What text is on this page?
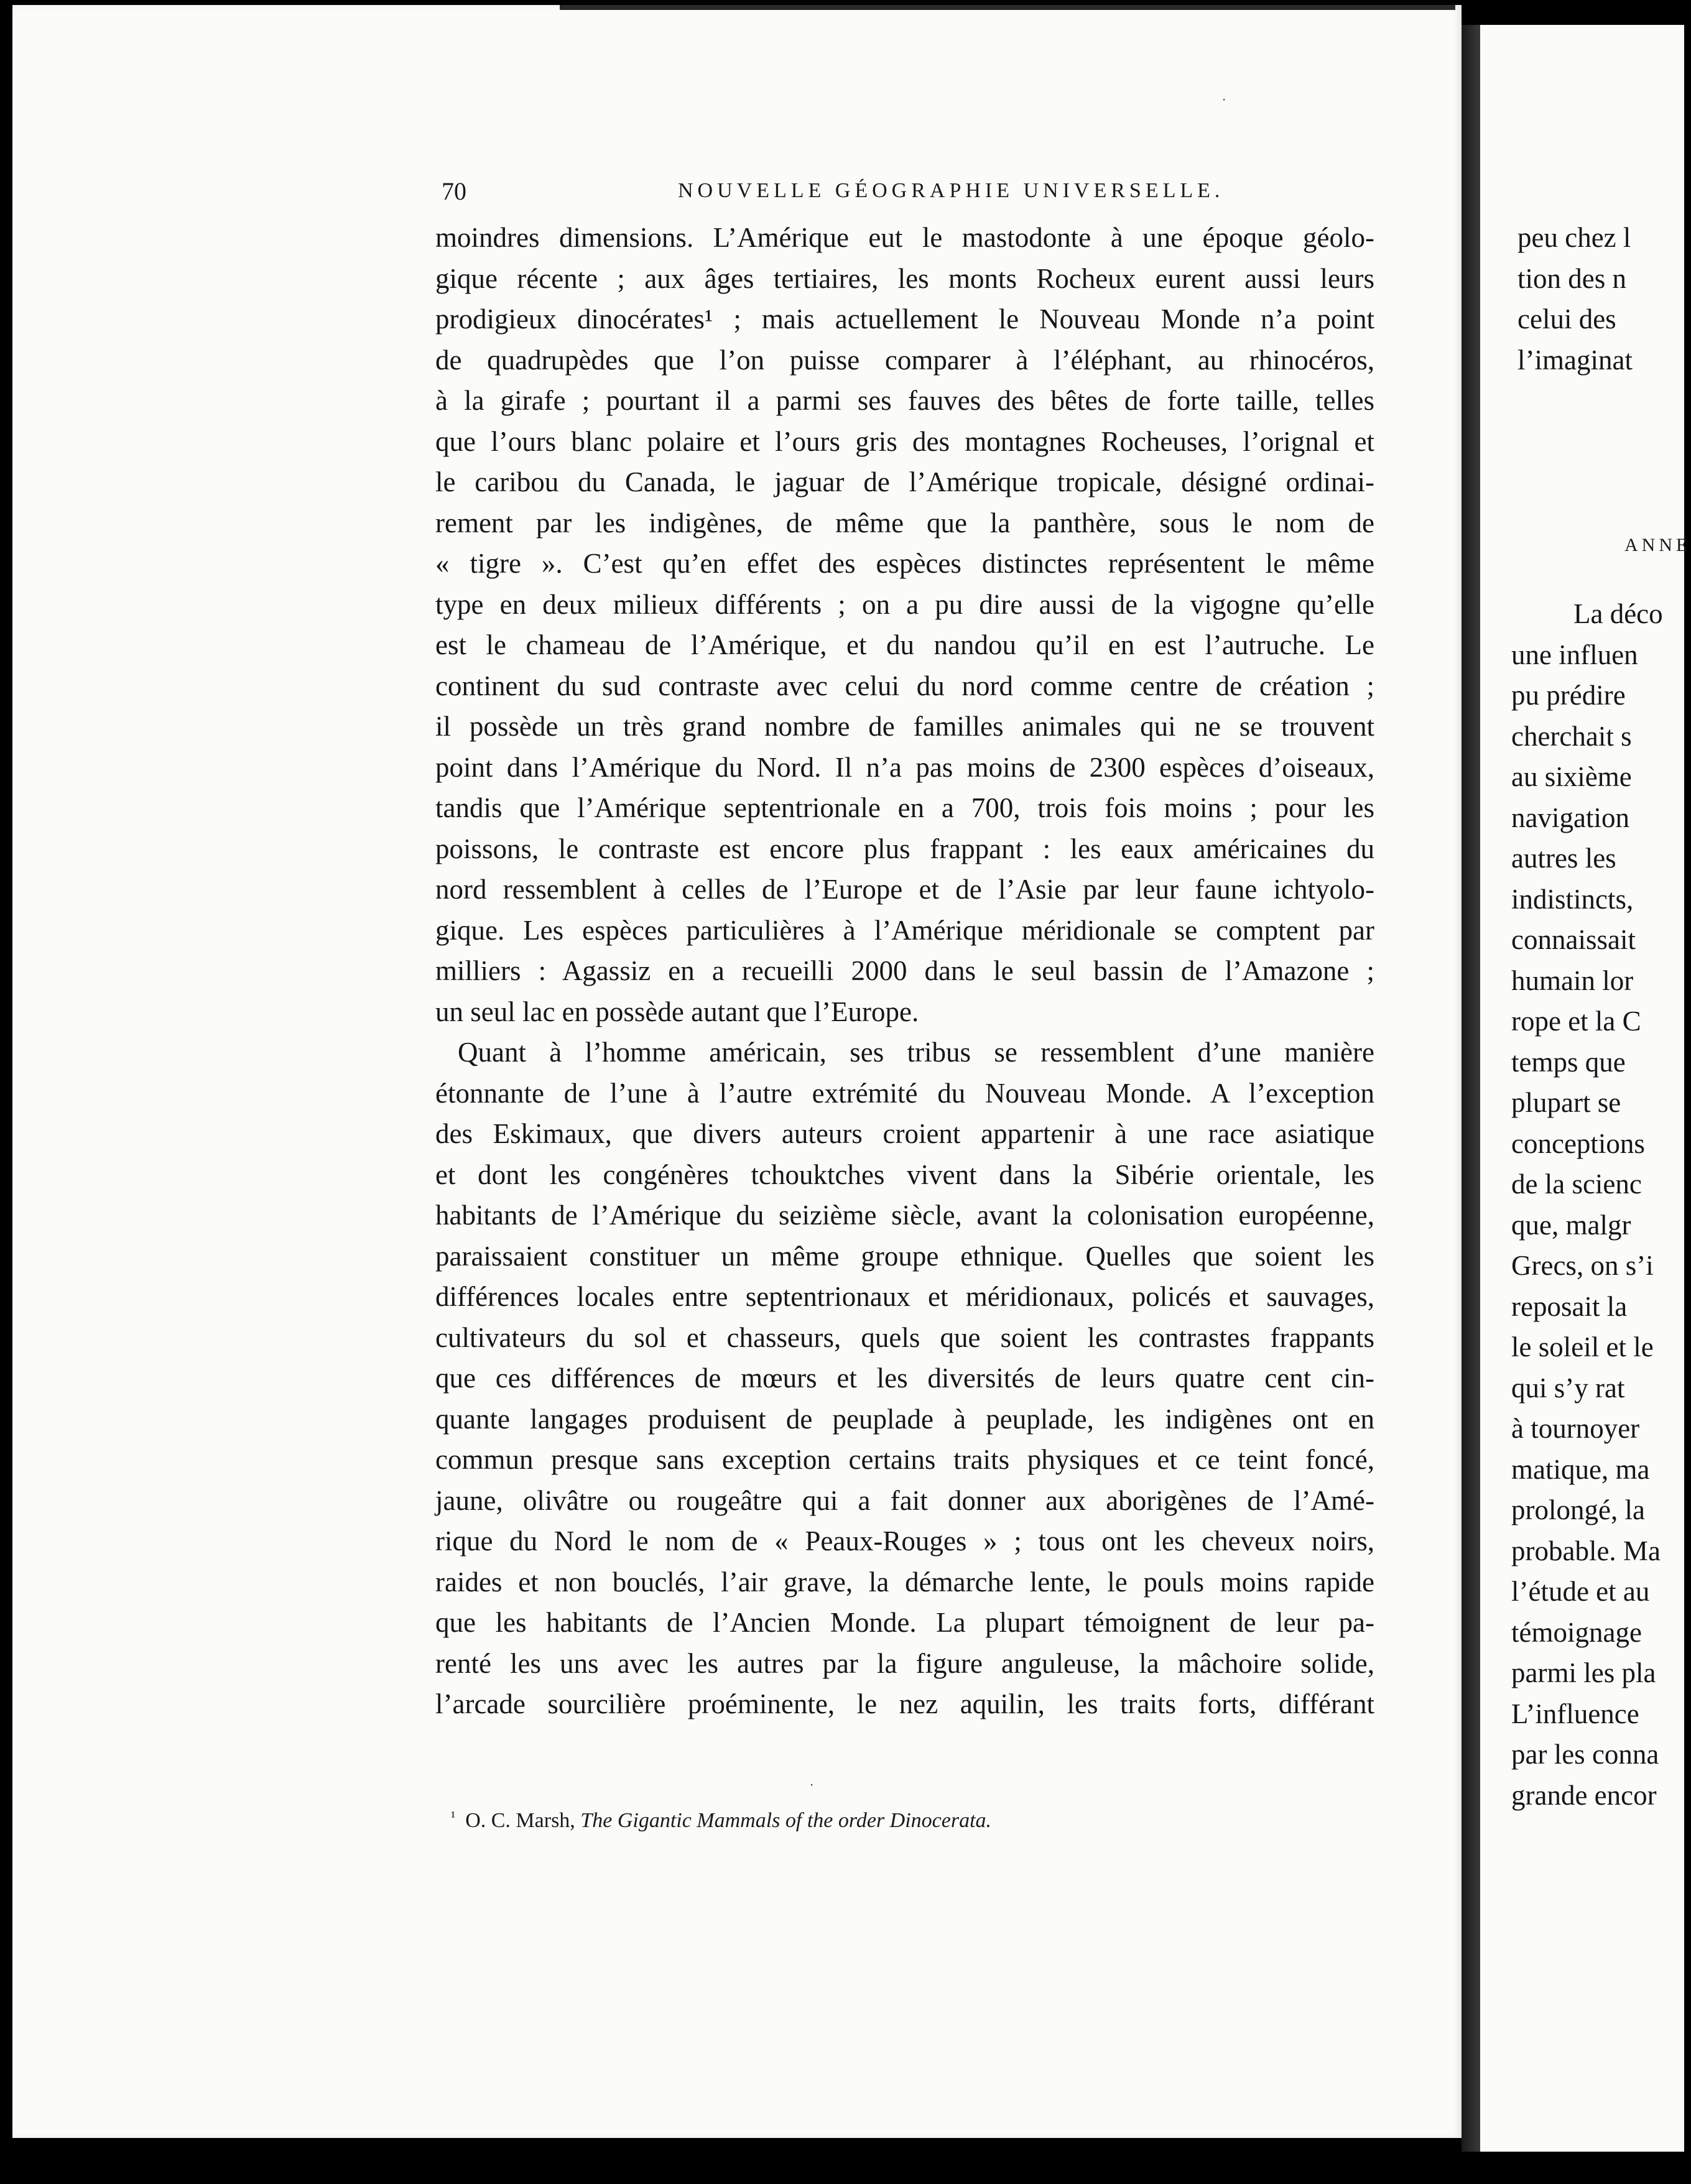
70	NOUVELLE GÉOGRAPHIE UNIVERSELLE.

moindres dimensions. L’Amérique eut le mastodonte à une époque géolo-
gique récente ; aux âges tertiaires, les monts Rocheux eurent aussi leurs
prodigieux dinocérates¹ ; mais actuellement le Nouveau Monde n’a point
de quadrupèdes que l’on puisse comparer à l’éléphant, au rhinocéros,
à la girafe ; pourtant il a parmi ses fauves des bêtes de forte taille, telles
que l’ours blanc polaire et l’ours gris des montagnes Rocheuses, l’orignal et
le caribou du Canada, le jaguar de l’Amérique tropicale, désigné ordinai-
rement par les indigènes, de même que la panthère, sous le nom de
« tigre ». C’est qu’en effet des espèces distinctes représentent le même
type en deux milieux différents ; on a pu dire aussi de la vigogne qu’elle
est le chameau de l’Amérique, et du nandou qu’il en est l’autruche. Le
continent du sud contraste avec celui du nord comme centre de création ;
il possède un très grand nombre de familles animales qui ne se trouvent
point dans l’Amérique du Nord. Il n’a pas moins de 2300 espèces d’oiseaux,
tandis que l’Amérique septentrionale en a 700, trois fois moins ; pour les
poissons, le contraste est encore plus frappant : les eaux américaines du
nord ressemblent à celles de l’Europe et de l’Asie par leur faune ichtyolo-
gique. Les espèces particulières à l’Amérique méridionale se comptent par
milliers : Agassiz en a recueilli 2000 dans le seul bassin de l’Amazone ;
un seul lac en possède autant que l’Europe.

Quant à l’homme américain, ses tribus se ressemblent d’une manière
étonnante de l’une à l’autre extrémité du Nouveau Monde. A l’exception
des Eskimaux, que divers auteurs croient appartenir à une race asiatique
et dont les congénères tchouktches vivent dans la Sibérie orientale, les
habitants de l’Amérique du seizième siècle, avant la colonisation européenne,
paraissaient constituer un même groupe ethnique. Quelles que soient les
différences locales entre septentrionaux et méridionaux, policés et sauvages,
cultivateurs du sol et chasseurs, quels que soient les contrastes frappants
que ces différences de mœurs et les diversités de leurs quatre cent cin-
quante langages produisent de peuplade à peuplade, les indigènes ont en
commun presque sans exception certains traits physiques et ce teint foncé,
jaune, olivâtre ou rougeâtre qui a fait donner aux aborigènes de l’Amé-
rique du Nord le nom de « Peaux-Rouges » ; tous ont les cheveux noirs,
raides et non bouclés, l’air grave, la démarche lente, le pouls moins rapide
que les habitants de l’Ancien Monde. La plupart témoignent de leur pa-
renté les uns avec les autres par la figure anguleuse, la mâchoire solide,
l’arcade sourcilière proéminente, le nez aquilin, les traits forts, différant

·
·
$^{^1}$ O. C. Marsh, The Gigantic Mammals of the order Dinocerata.
peu chez l
tion des n
celui des
l’imaginat
ANNE
La déco
une influen
pu prédire
cherchait s
au sixième
navigation
autres les
indistincts,
connaissait
humain lor
rope et la C
temps que
plupart se
conceptions
de la scienc
que, malgr
Grecs, on s’i
reposait la
le soleil et le
qui s’y rat
à tournoyer
matique, ma
prolongé, la
probable. Ma
l’étude et au
témoignage
parmi les pla
L’influence
par les conna
grande encor
